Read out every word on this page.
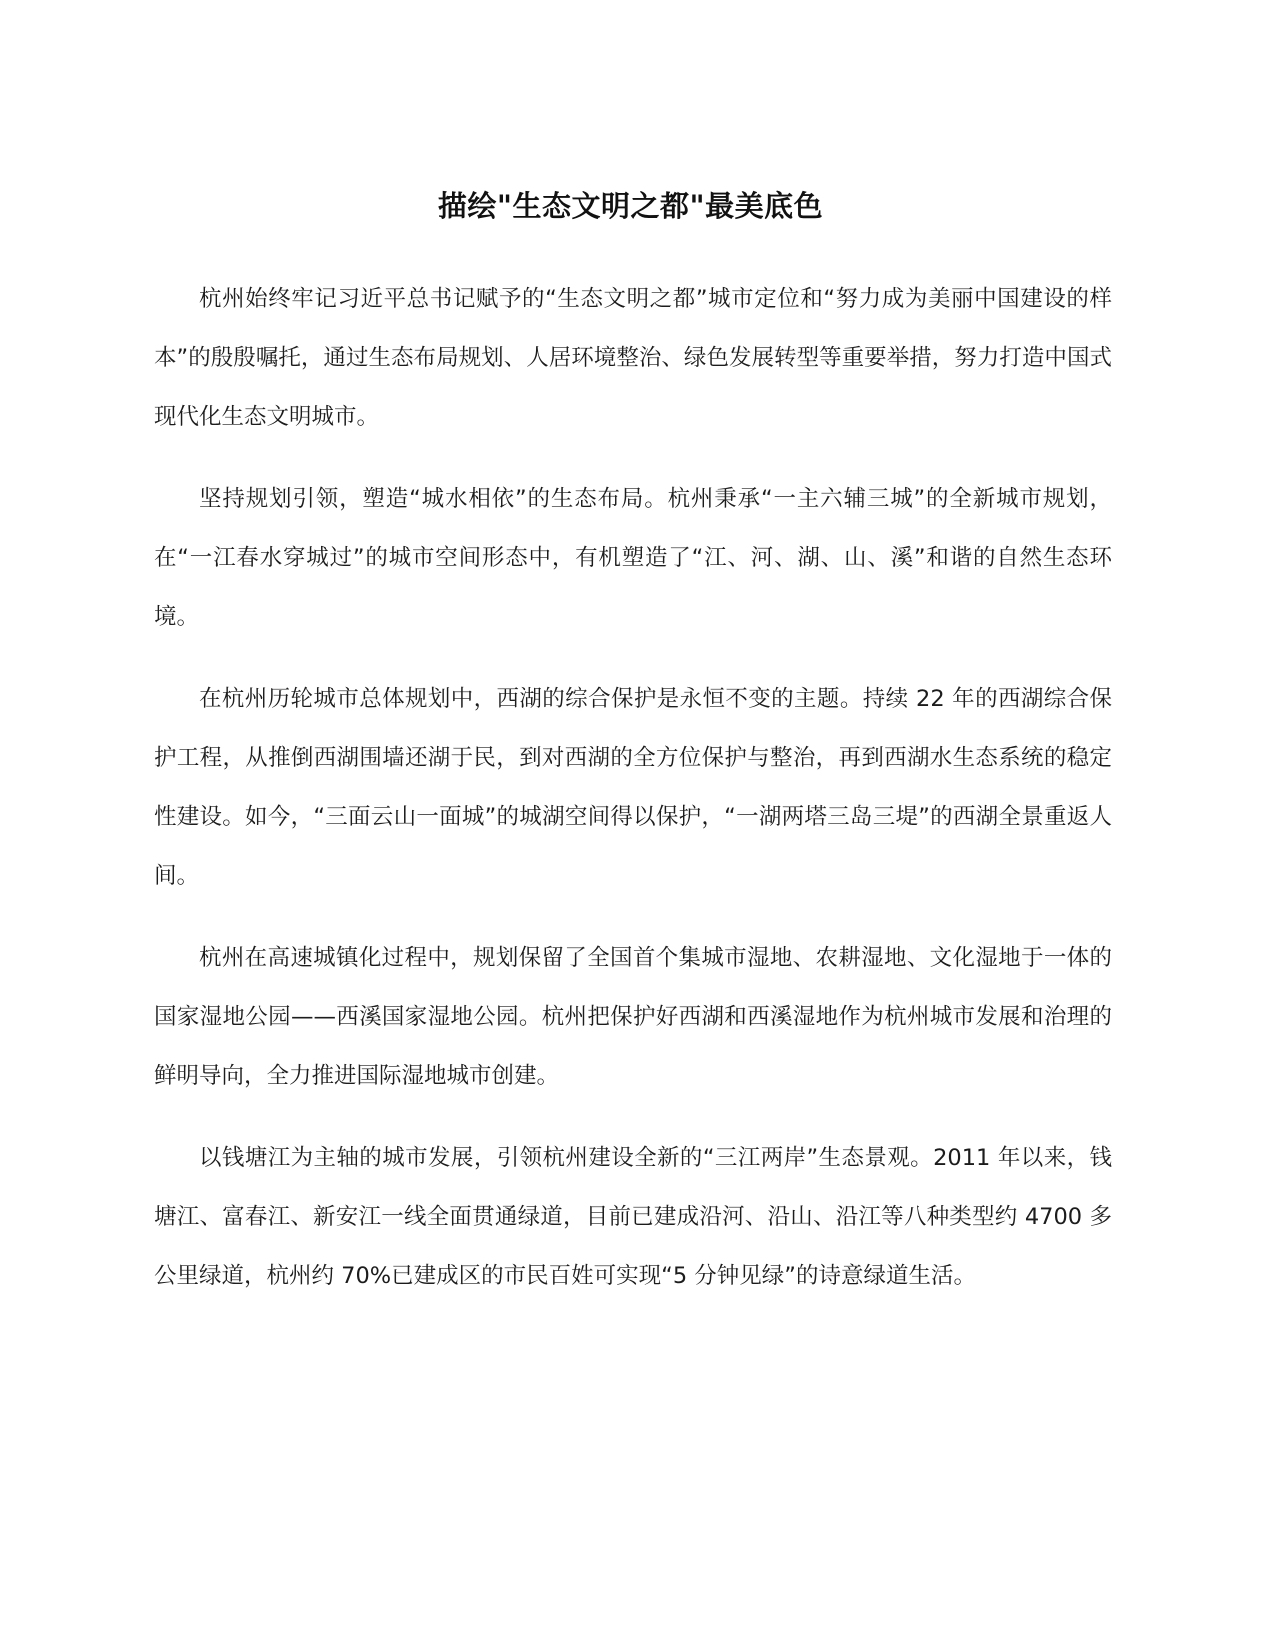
描绘"生态文明之都"最美底色

杭州始终牢记习近平总书记赋予的“生态文明之都”城市定位和“努力成为美丽中国建设的样本”的殷殷嘱托，通过生态布局规划、人居环境整治、绿色发展转型等重要举措，努力打造中国式现代化生态文明城市。

坚持规划引领，塑造“城水相依”的生态布局。杭州秉承“一主六辅三城”的全新城市规划，在“一江春水穿城过”的城市空间形态中，有机塑造了“江、河、湖、山、溪”和谐的自然生态环境。

在杭州历轮城市总体规划中，西湖的综合保护是永恒不变的主题。持续 22 年的西湖综合保护工程，从推倒西湖围墙还湖于民，到对西湖的全方位保护与整治，再到西湖水生态系统的稳定性建设。如今，“三面云山一面城”的城湖空间得以保护，“一湖两塔三岛三堤”的西湖全景重返人间。

杭州在高速城镇化过程中，规划保留了全国首个集城市湿地、农耕湿地、文化湿地于一体的国家湿地公园——西溪国家湿地公园。杭州把保护好西湖和西溪湿地作为杭州城市发展和治理的鲜明导向，全力推进国际湿地城市创建。

以钱塘江为主轴的城市发展，引领杭州建设全新的“三江两岸”生态景观。2011 年以来，钱塘江、富春江、新安江一线全面贯通绿道，目前已建成沿河、沿山、沿江等八种类型约 4700 多公里绿道，杭州约 70%已建成区的市民百姓可实现“5 分钟见绿”的诗意绿道生活。
